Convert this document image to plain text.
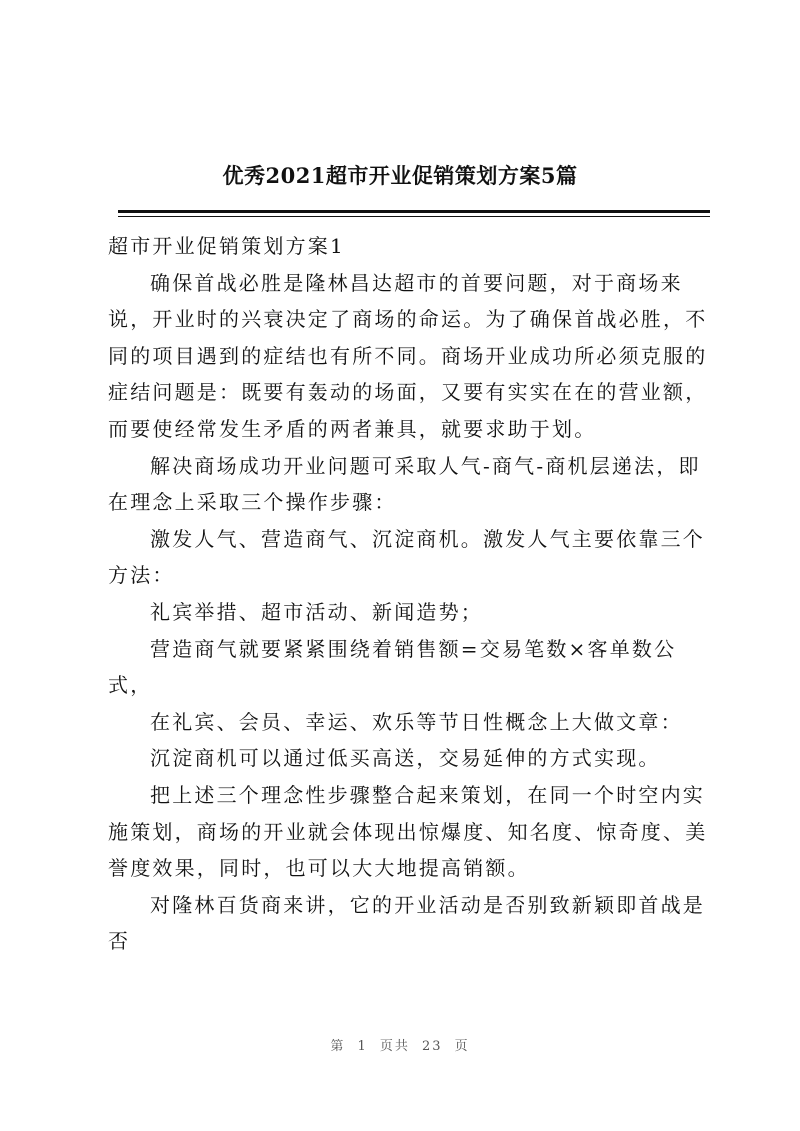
优秀2021超市开业促销策划方案5篇

超市开业促销策划方案1

确保首战必胜是隆林昌达超市的首要问题，对于商场来说，开业时的兴衰决定了商场的命运。为了确保首战必胜，不同的项目遇到的症结也有所不同。商场开业成功所必须克服的症结问题是：既要有轰动的场面，又要有实实在在的营业额，而要使经常发生矛盾的两者兼具，就要求助于划。

解决商场成功开业问题可采取人气-商气-商机层递法，即在理念上采取三个操作步骤：

激发人气、营造商气、沉淀商机。激发人气主要依靠三个方法：

礼宾举措、超市活动、新闻造势；

营造商气就要紧紧围绕着销售额=交易笔数×客单数公式，

在礼宾、会员、幸运、欢乐等节日性概念上大做文章：

沉淀商机可以通过低买高送，交易延伸的方式实现。

把上述三个理念性步骤整合起来策划，在同一个时空内实施策划，商场的开业就会体现出惊爆度、知名度、惊奇度、美誉度效果，同时，也可以大大地提高销额。

对隆林百货商来讲，它的开业活动是否别致新颖即首战是否

第 1 页共 23 页
